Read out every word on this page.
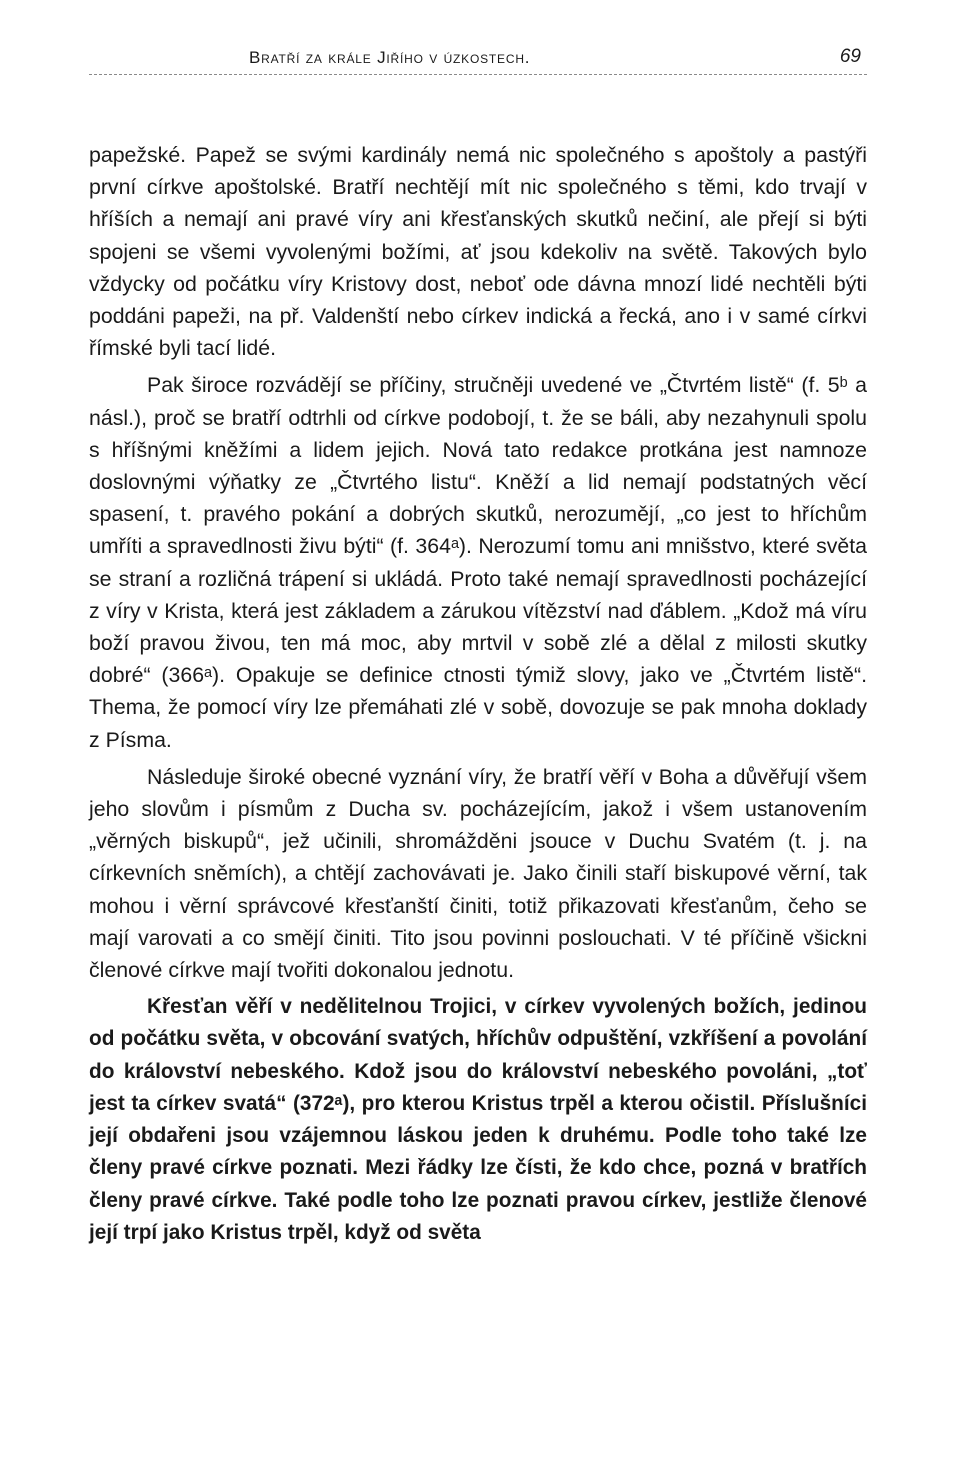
Bratří za krále Jiřího v úzkostech.	69

papežské. Papež se svými kardinály nemá nic společného s apoštoly a pastýři první církve apoštolské. Bratří nechtějí mít nic společného s těmi, kdo trvají v hříších a nemají ani pravé víry ani křesťanských skutků nečiní, ale přejí si býti spojeni se všemi vyvolenými božími, ať jsou kdekoliv na světě. Takových bylo vždycky od počátku víry Kristovy dost, neboť ode dávna mnozí lidé nechtěli býti poddáni papeži, na př. Valdenští nebo církev indická a řecká, ano i v samé církvi římské byli tací lidé.

Pak široce rozvádějí se příčiny, stručněji uvedené ve „Čtvrtém listě“ (f. 5ᵇ a násl.), proč se bratří odtrhli od církve podobojí, t. že se báli, aby nezahynuli spolu s hříšnými kněžími a lidem jejich. Nová tato redakce protkána jest namnoze doslovnými výňatky ze „Čtvrtého listu“. Kněží a lid nemají podstatných věcí spasení, t. pravého pokání a dobrých skutků, nerozumějí, „co jest to hříchům umříti a spravedlnosti živu býti“ (f. 364ᵃ). Nerozumí tomu ani mnišstvo, které světa se straní a rozličná trápení si ukládá. Proto také nemají spravedlnosti pocházející z víry v Krista, která jest základem a zárukou vítězství nad ďáblem. „Kdož má víru boží pravou živou, ten má moc, aby mrtvil v sobě zlé a dělal z milosti skutky dobré“ (366ᵃ). Opakuje se definice ctnosti týmiž slovy, jako ve „Čtvrtém listě“. Thema, že pomocí víry lze přemáhati zlé v sobě, dovozuje se pak mnoha doklady z Písma.

Následuje široké obecné vyznání víry, že bratří věří v Boha a důvěřují všem jeho slovům i písmům z Ducha sv. pocházejícím, jakož i všem ustanovením „věrných biskupů“, jež učinili, shromážděni jsouce v Duchu Svatém (t. j. na církevních sněmích), a chtějí zachovávati je. Jako činili staří biskupové věrní, tak mohou i věrní správcové křesťanští činiti, totiž přikazovati křesťanům, čeho se mají varovati a co smějí činiti. Tito jsou povinni poslouchati. V té příčině všickni členové církve mají tvořiti dokonalou jednotu.

Křesťan věří v nedělitelnou Trojici, v církev vyvolených božích, jedinou od počátku světa, v obcování svatých, hříchův odpuštění, vzkříšení a povolání do království nebeského. Kdož jsou do království nebeského povoláni, „toť jest ta církev svatá“ (372ᵃ), pro kterou Kristus trpěl a kterou očistil. Příslušníci její obdařeni jsou vzájemnou láskou jeden k druhému. Podle toho také lze členy pravé církve poznati. Mezi řádky lze čísti, že kdo chce, pozná v bratřích členy pravé církve. Také podle toho lze poznati pravou církev, jestliže členové její trpí jako Kristus trpěl, když od světa
